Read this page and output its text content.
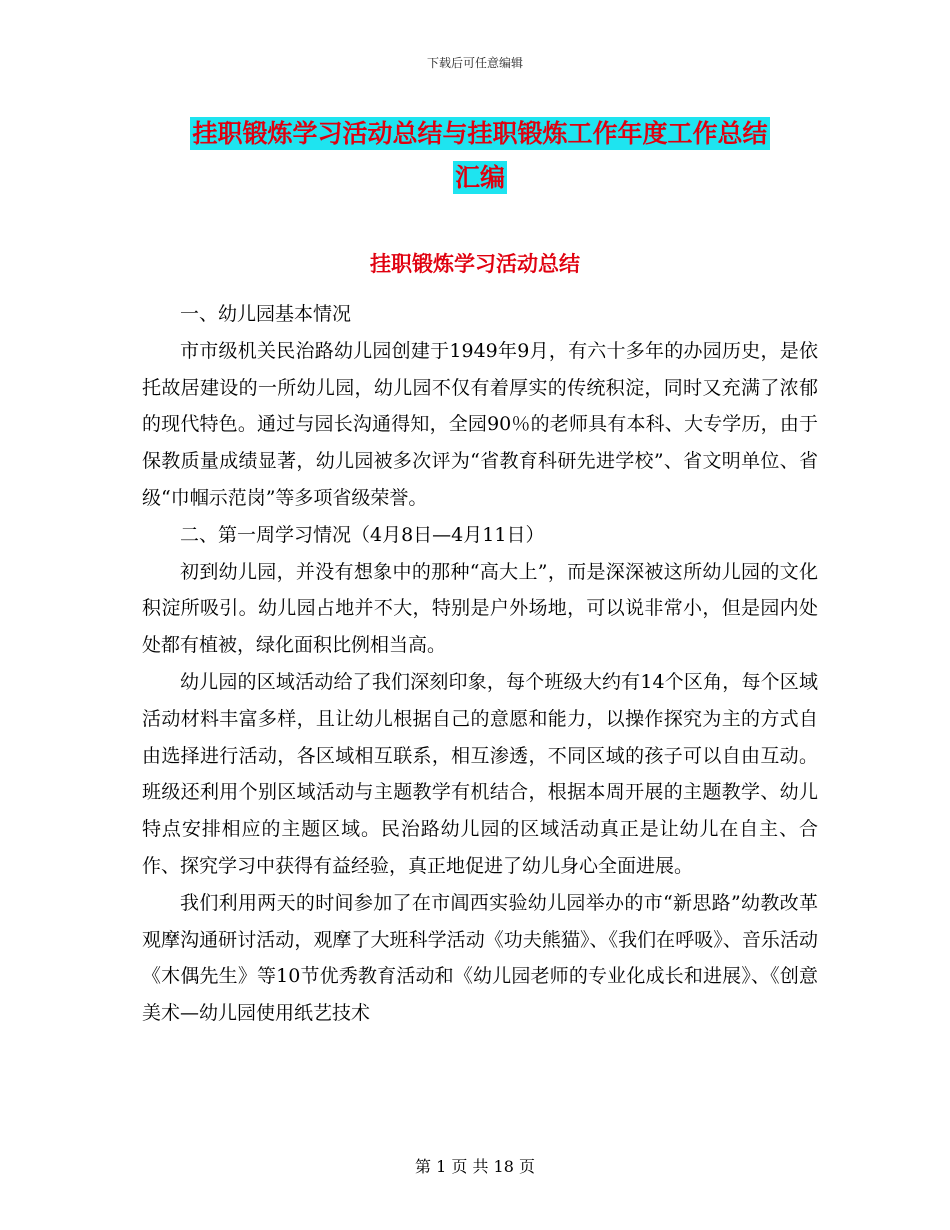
下载后可任意编辑
挂职锻炼学习活动总结与挂职锻炼工作年度工作总结
汇编
挂职锻炼学习活动总结

一、幼儿园基本情况

市市级机关民治路幼儿园创建于1949年9月，有六十多年的办园历史，是依托故居建设的一所幼儿园，幼儿园不仅有着厚实的传统积淀，同时又充满了浓郁的现代特色。通过与园长沟通得知，全园90％的老师具有本科、大专学历，由于保教质量成绩显著，幼儿园被多次评为“省教育科研先进学校”、省文明单位、省级“巾帼示范岗”等多项省级荣誉。

二、第一周学习情况（4月8日—4月11日）

初到幼儿园，并没有想象中的那种“高大上”，而是深深被这所幼儿园的文化积淀所吸引。幼儿园占地并不大，特别是户外场地，可以说非常小，但是园内处处都有植被，绿化面积比例相当高。

幼儿园的区域活动给了我们深刻印象，每个班级大约有14个区角，每个区域活动材料丰富多样，且让幼儿根据自己的意愿和能力，以操作探究为主的方式自由选择进行活动，各区域相互联系，相互渗透，不同区域的孩子可以自由互动。班级还利用个别区域活动与主题教学有机结合，根据本周开展的主题教学、幼儿特点安排相应的主题区域。民治路幼儿园的区域活动真正是让幼儿在自主、合作、探究学习中获得有益经验，真正地促进了幼儿身心全面进展。

我们利用两天的时间参加了在市阊西实验幼儿园举办的市“新思路”幼教改革观摩沟通研讨活动，观摩了大班科学活动《功夫熊猫》、《我们在呼吸》、音乐活动《木偶先生》等10节优秀教育活动和《幼儿园老师的专业化成长和进展》、《创意美术—幼儿园使用纸艺技术

第 1 页 共 18 页
